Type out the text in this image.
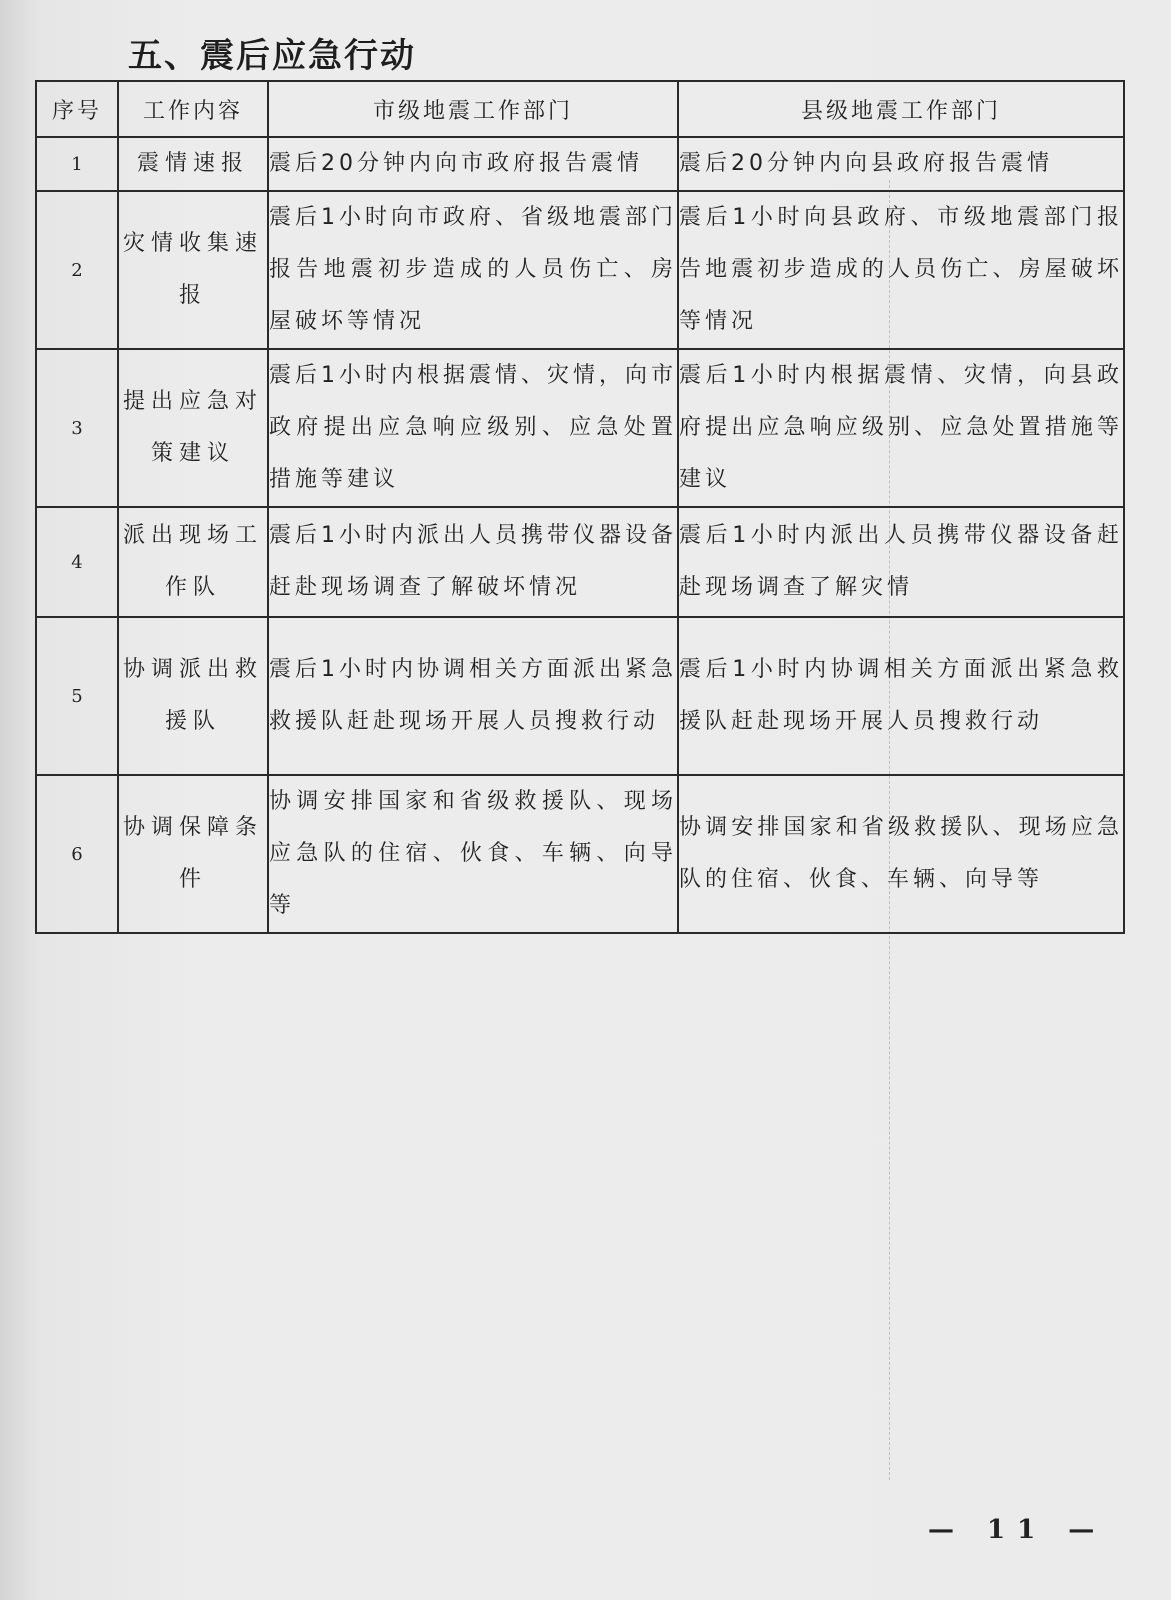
五、震后应急行动
序号	工作内容	市级地震工作部门	县级地震工作部门
1	震情速报	震后20分钟内向市政府报告震情	震后20分钟内向县政府报告震情
2	灾情收集速报	震后1小时向市政府、省级地震部门报告地震初步造成的人员伤亡、房屋破坏等情况	震后1小时向县政府、市级地震部门报告地震初步造成的人员伤亡、房屋破坏等情况
3	提出应急对策建议	震后1小时内根据震情、灾情，向市政府提出应急响应级别、应急处置措施等建议	震后1小时内根据震情、灾情，向县政府提出应急响应级别、应急处置措施等建议
4	派出现场工作队	震后1小时内派出人员携带仪器设备赶赴现场调查了解破坏情况	震后1小时内派出人员携带仪器设备赶赴现场调查了解灾情
5	协调派出救援队	震后1小时内协调相关方面派出紧急救援队赶赴现场开展人员搜救行动	震后1小时内协调相关方面派出紧急救援队赶赴现场开展人员搜救行动
6	协调保障条件	协调安排国家和省级救援队、现场应急队的住宿、伙食、车辆、向导等	协调安排国家和省级救援队、现场应急队的住宿、伙食、车辆、向导等
— 11 —
